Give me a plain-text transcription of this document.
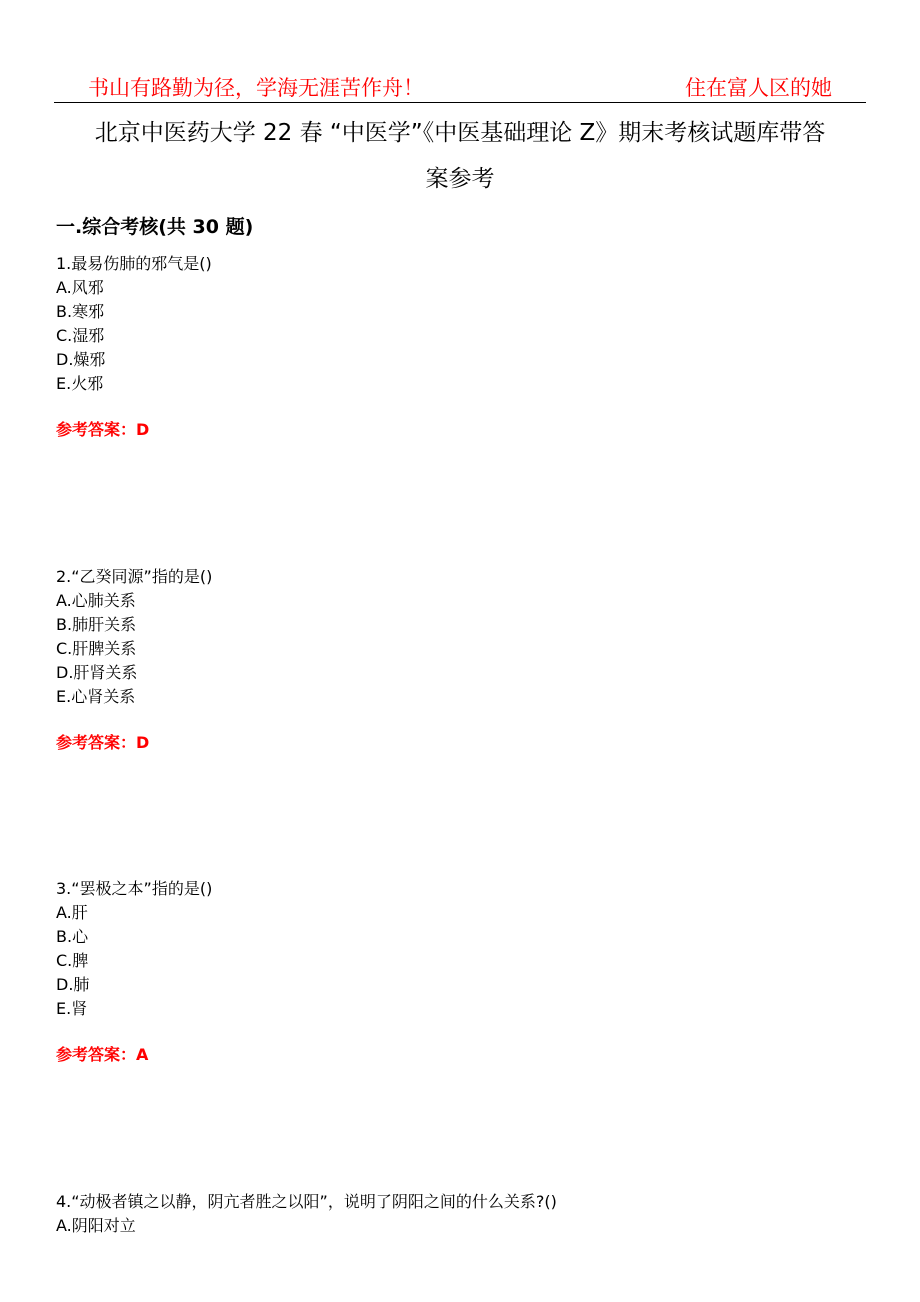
书山有路勤为径，学海无涯苦作舟！	住在富人区的她
北京中医药大学 22 春 “中医学”《中医基础理论 Z》期末考核试题库带答
案参考
一.综合考核(共 30 题)
1.最易伤肺的邪气是()
A.风邪
B.寒邪
C.湿邪
D.燥邪
E.火邪
参考答案：D
2.“乙癸同源”指的是()
A.心肺关系
B.肺肝关系
C.肝脾关系
D.肝肾关系
E.心肾关系
参考答案：D
3.“罢极之本”指的是()
A.肝
B.心
C.脾
D.肺
E.肾
参考答案：A
4.“动极者镇之以静，阴亢者胜之以阳”，说明了阴阳之间的什么关系?()
A.阴阳对立
